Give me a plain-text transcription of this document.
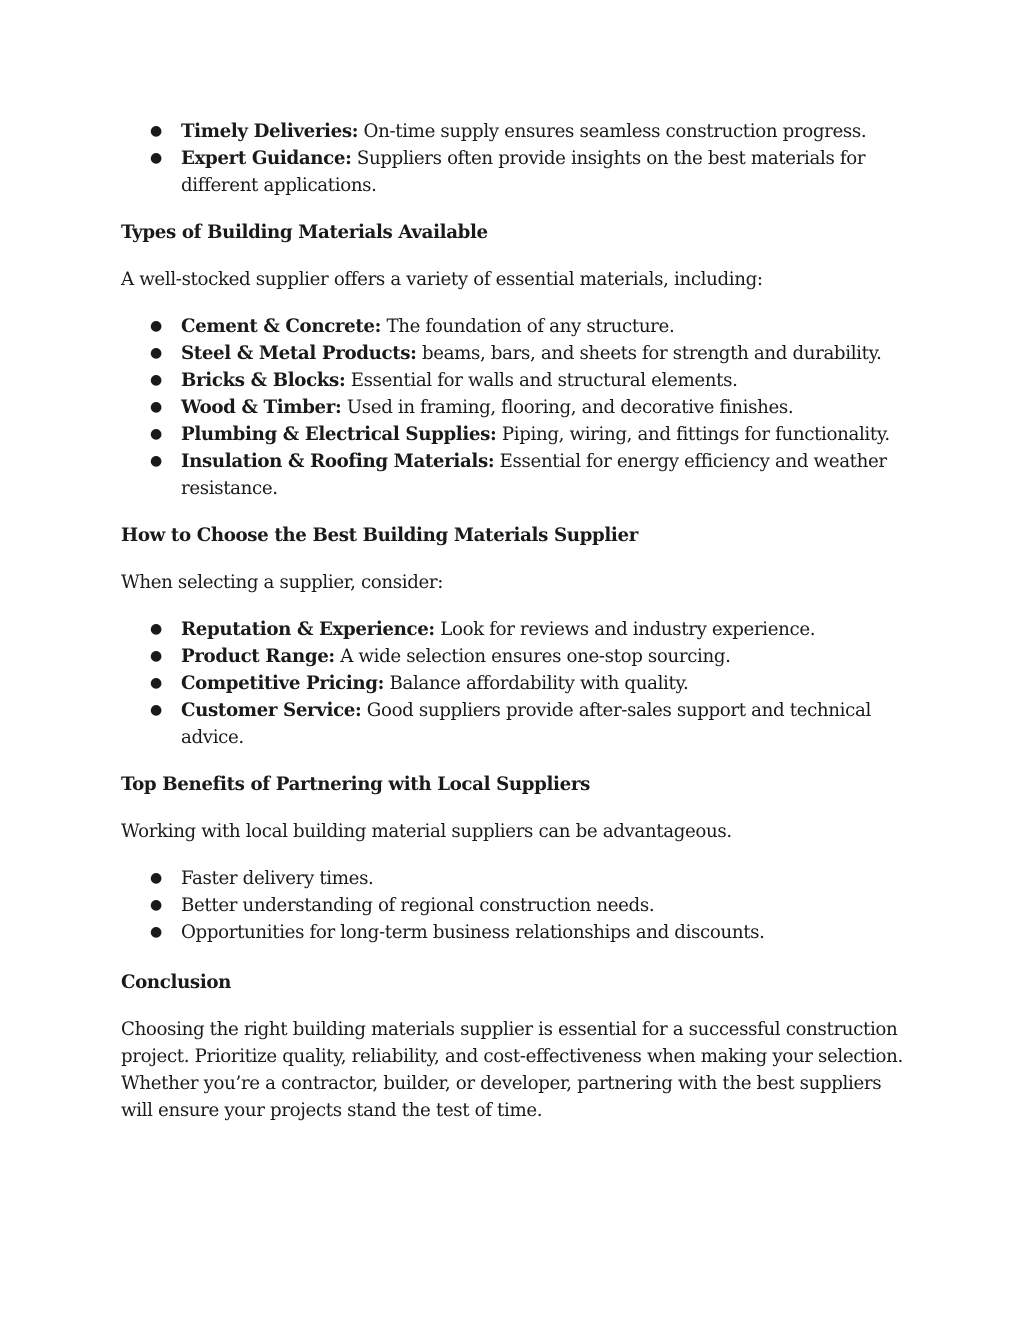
● Timely Deliveries: On-time supply ensures seamless construction progress.
● Expert Guidance: Suppliers often provide insights on the best materials for different applications.
Types of Building Materials Available

A well-stocked supplier offers a variety of essential materials, including:

● Cement & Concrete: The foundation of any structure.
● Steel & Metal Products: beams, bars, and sheets for strength and durability.
● Bricks & Blocks: Essential for walls and structural elements.
● Wood & Timber: Used in framing, flooring, and decorative finishes.
● Plumbing & Electrical Supplies: Piping, wiring, and fittings for functionality.
● Insulation & Roofing Materials: Essential for energy efficiency and weather resistance.
How to Choose the Best Building Materials Supplier

When selecting a supplier, consider:

● Reputation & Experience: Look for reviews and industry experience.
● Product Range: A wide selection ensures one-stop sourcing.
● Competitive Pricing: Balance affordability with quality.
● Customer Service: Good suppliers provide after-sales support and technical advice.
Top Benefits of Partnering with Local Suppliers

Working with local building material suppliers can be advantageous.

● Faster delivery times.
● Better understanding of regional construction needs.
● Opportunities for long-term business relationships and discounts.
Conclusion

Choosing the right building materials supplier is essential for a successful construction project. Prioritize quality, reliability, and cost-effectiveness when making your selection. Whether you’re a contractor, builder, or developer, partnering with the best suppliers will ensure your projects stand the test of time.
